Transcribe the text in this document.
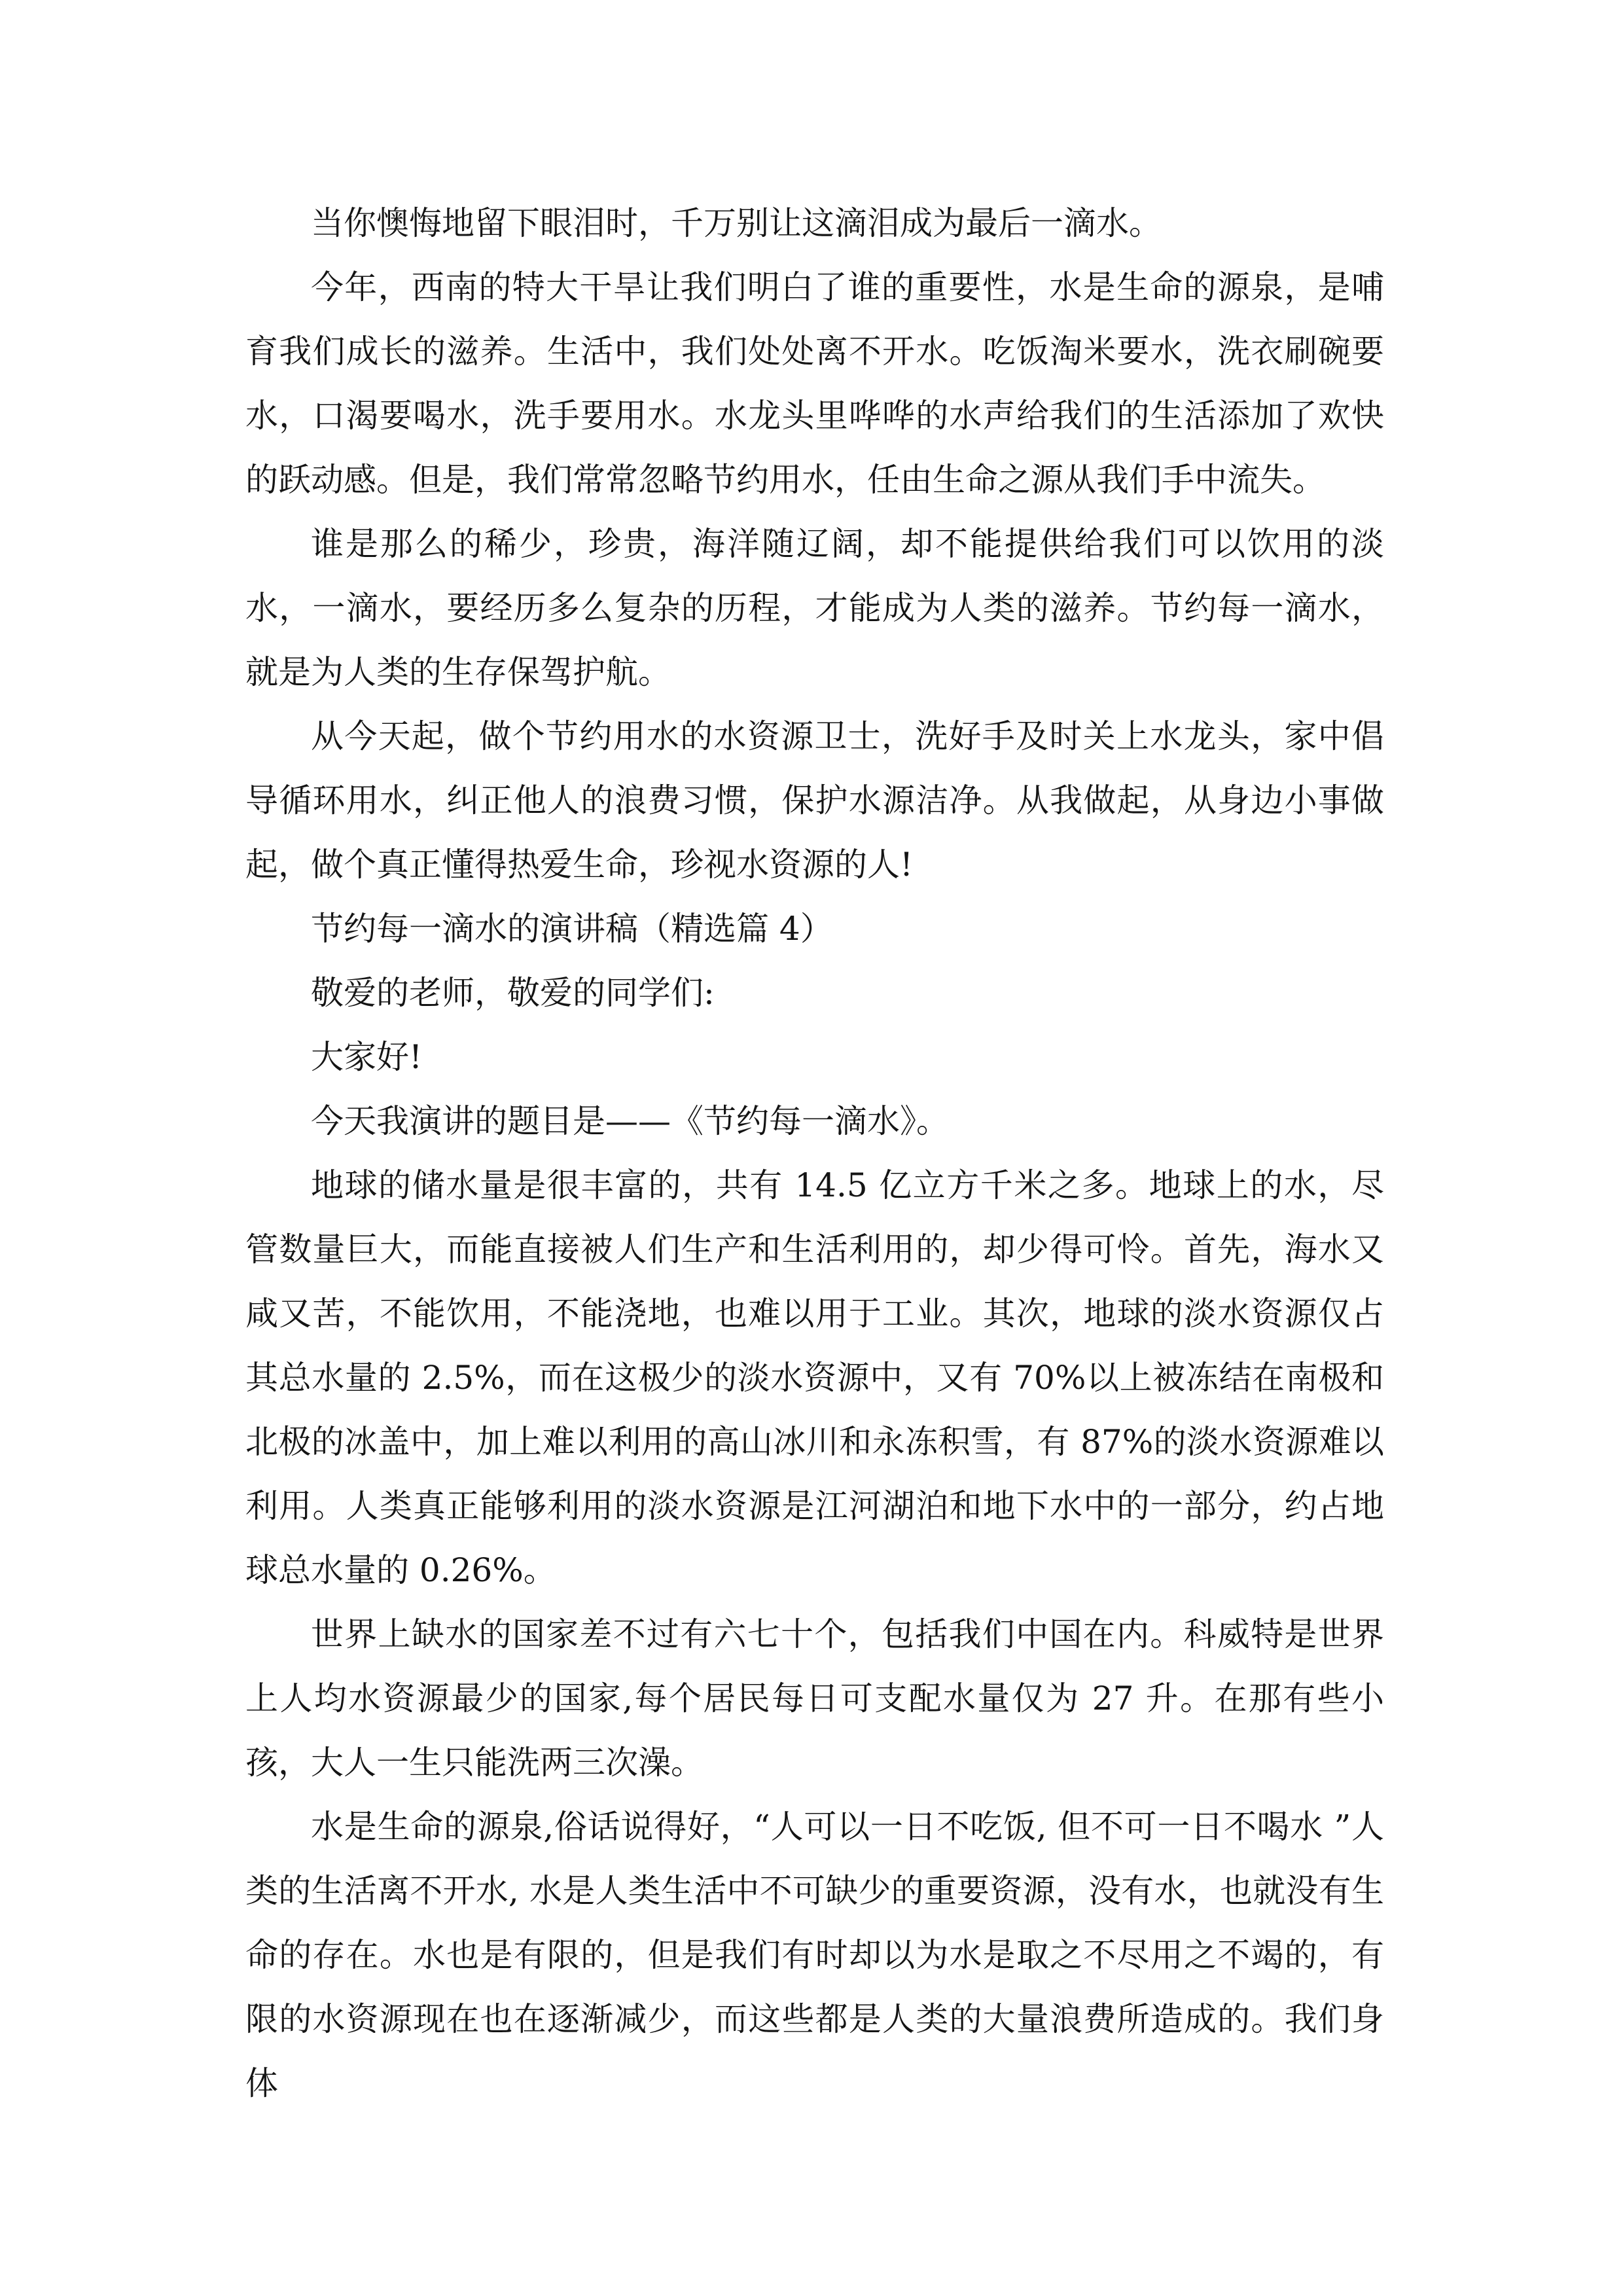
当你懊悔地留下眼泪时，千万别让这滴泪成为最后一滴水。

今年，西南的特大干旱让我们明白了谁的重要性，水是生命的源泉，是哺育我们成长的滋养。生活中，我们处处离不开水。吃饭淘米要水，洗衣刷碗要水，口渴要喝水，洗手要用水。水龙头里哗哗的水声给我们的生活添加了欢快的跃动感。但是，我们常常忽略节约用水，任由生命之源从我们手中流失。

谁是那么的稀少，珍贵，海洋随辽阔，却不能提供给我们可以饮用的淡水，一滴水，要经历多么复杂的历程，才能成为人类的滋养。节约每一滴水，就是为人类的生存保驾护航。

从今天起，做个节约用水的水资源卫士，洗好手及时关上水龙头，家中倡导循环用水，纠正他人的浪费习惯，保护水源洁净。从我做起，从身边小事做起，做个真正懂得热爱生命，珍视水资源的人!

节约每一滴水的演讲稿（精选篇 4）

敬爱的老师，敬爱的同学们:

大家好!

今天我演讲的题目是——《节约每一滴水》。

地球的储水量是很丰富的，共有 14.5 亿立方千米之多。地球上的水，尽管数量巨大，而能直接被人们生产和生活利用的，却少得可怜。首先，海水又咸又苦，不能饮用，不能浇地，也难以用于工业。其次，地球的淡水资源仅占其总水量的 2.5%，而在这极少的淡水资源中，又有 70%以上被冻结在南极和北极的冰盖中，加上难以利用的高山冰川和永冻积雪，有 87%的淡水资源难以利用。人类真正能够利用的淡水资源是江河湖泊和地下水中的一部分，约占地球总水量的 0.26%。

世界上缺水的国家差不过有六七十个，包括我们中国在内。科威特是世界上人均水资源最少的国家,每个居民每日可支配水量仅为 27 升。在那有些小孩，大人一生只能洗两三次澡。

水是生命的源泉,俗话说得好，“人可以一日不吃饭, 但不可一日不喝水 ”人类的生活离不开水, 水是人类生活中不可缺少的重要资源，没有水，也就没有生命的存在。水也是有限的，但是我们有时却以为水是取之不尽用之不竭的，有限的水资源现在也在逐渐减少，而这些都是人类的大量浪费所造成的。我们身体
